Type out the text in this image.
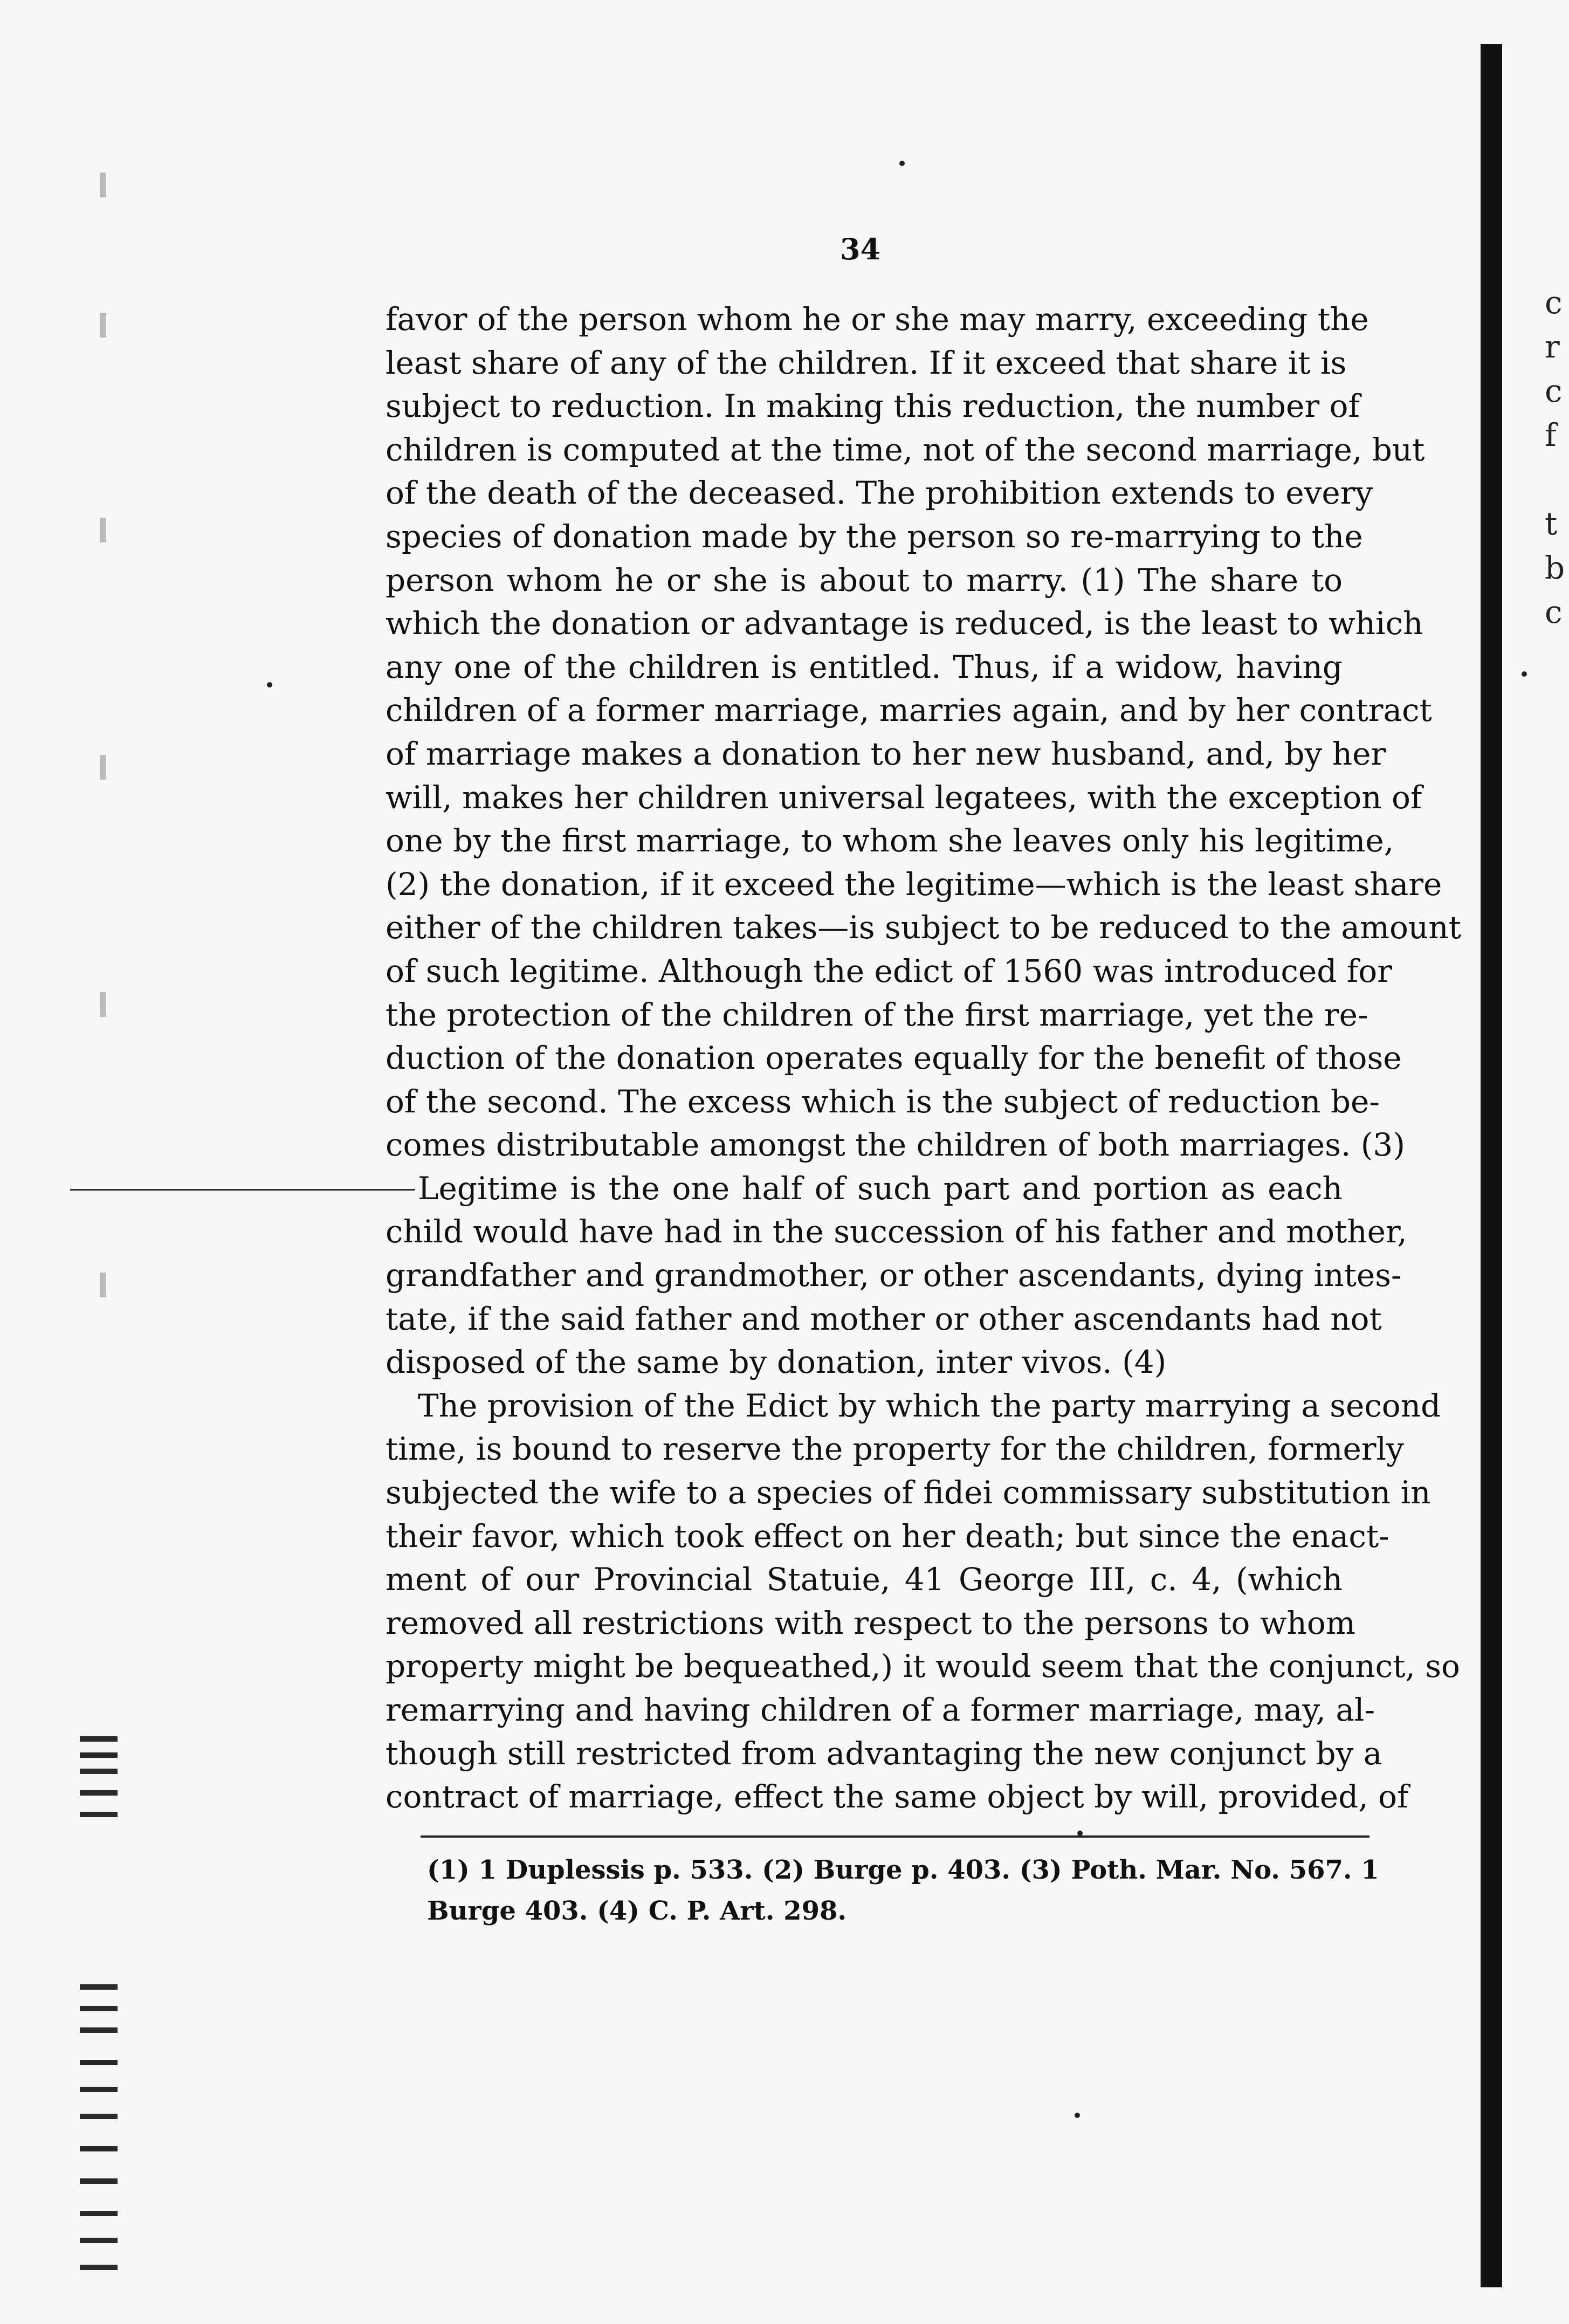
c
r
c
f

t
b
c
34
favor of the person whom he or she may marry, exceeding the
least share of any of the children. If it exceed that share it is
subject to reduction. In making this reduction, the number of
children is computed at the time, not of the second marriage, but
of the death of the deceased. The prohibition extends to every
species of donation made by the person so re-marrying to the
person whom he or she is about to marry. (1) The share to
which the donation or advantage is reduced, is the least to which
any one of the children is entitled. Thus, if a widow, having
children of a former marriage, marries again, and by her contract
of marriage makes a donation to her new husband, and, by her
will, makes her children universal legatees, with the exception of
one by the first marriage, to whom she leaves only his legitime,
(2) the donation, if it exceed the legitime—which is the least share
either of the children takes—is subject to be reduced to the amount
of such legitime. Although the edict of 1560 was introduced for
the protection of the children of the first marriage, yet the re-
duction of the donation operates equally for the benefit of those
of the second. The excess which is the subject of reduction be-
comes distributable amongst the children of both marriages. (3)
Legitime is the one half of such part and portion as each
child would have had in the succession of his father and mother,
grandfather and grandmother, or other ascendants, dying intes-
tate, if the said father and mother or other ascendants had not
disposed of the same by donation, inter vivos. (4)
The provision of the Edict by which the party marrying a second
time, is bound to reserve the property for the children, formerly
subjected the wife to a species of fidei commissary substitution in
their favor, which took effect on her death; but since the enact-
ment of our Provincial Statuie, 41 George III, c. 4, (which
removed all restrictions with respect to the persons to whom
property might be bequeathed,) it would seem that the conjunct, so
remarrying and having children of a former marriage, may, al-
though still restricted from advantaging the new conjunct by a
contract of marriage, effect the same object by will, provided, of
(1) 1 Duplessis p. 533. (2) Burge p. 403. (3) Poth. Mar. No. 567. 1
Burge 403. (4) C. P. Art. 298.
